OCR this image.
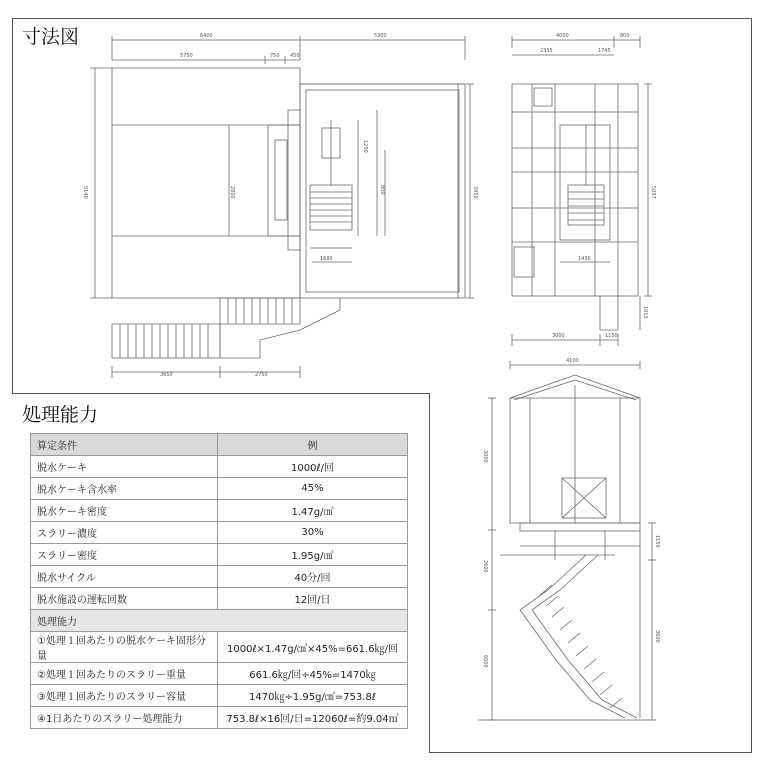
寸法図	6400	5300
5750	750 450
5140	2800	3950
1200
800
1680
3650	2750
4000	800
2335	1745
5097
1430
3000	1150
1013
4100
3000
2600
6000
1150
3600
処理能力
算定条件	例
脱水ケーキ	1000ℓ/回
脱水ケーキ含水率	45%
脱水ケーキ密度	1.47g/㎤
スラリー濃度	30%
スラリー密度	1.95g/㎤
脱水サイクル	40分/回
脱水施設の運転回数	12回/日
処理能力	
①処理１回あたりの脱水ケーキ固形分量	1000ℓ×1.47g/㎤×45%=661.6㎏/回
②処理１回あたりのスラリー重量	661.6㎏/回÷45%=1470㎏
③処理１回あたりのスラリー容量	1470㎏÷1.95g/㎤=753.8ℓ
④1日あたりのスラリー処理能力	753.8ℓ×16回/日=12060ℓ=約9.04㎥
